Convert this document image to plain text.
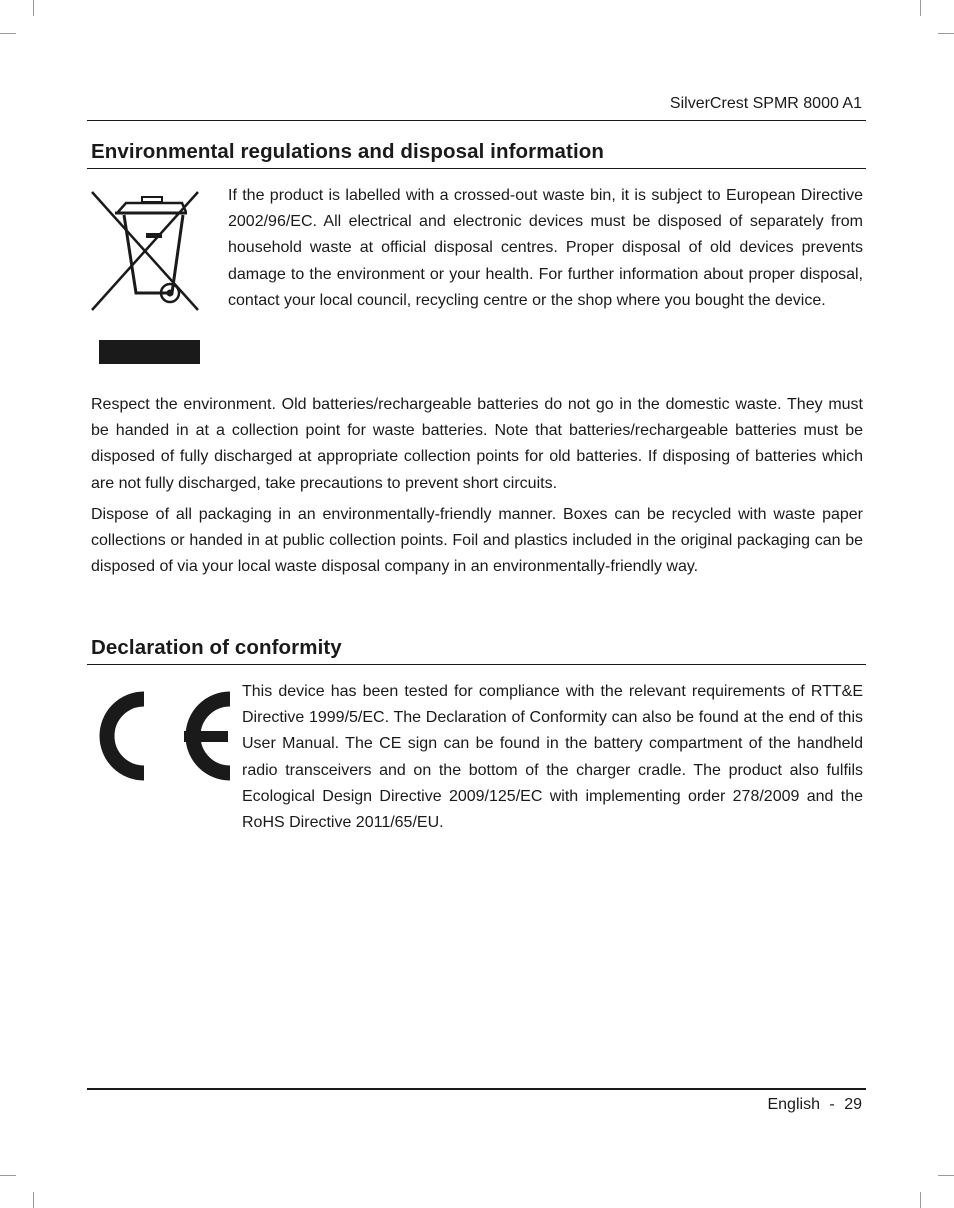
SilverCrest SPMR 8000 A1
Environmental regulations and disposal information

If the product is labelled with a crossed-out waste bin, it is subject to European Directive 2002/96/EC. All electrical and electronic devices must be disposed of separately from household waste at official disposal centres. Proper disposal of old devices prevents damage to the environment or your health. For further information about proper disposal, contact your local council, recycling centre or the shop where you bought the device.

Respect the environment. Old batteries/rechargeable batteries do not go in the domestic waste. They must be handed in at a collection point for waste batteries. Note that batteries/rechargeable batteries must be disposed of fully discharged at appropriate collection points for old batteries. If disposing of batteries which are not fully discharged, take precautions to prevent short circuits.

Dispose of all packaging in an environmentally-friendly manner. Boxes can be recycled with waste paper collections or handed in at public collection points. Foil and plastics included in the original packaging can be disposed of via your local waste disposal company in an environmentally-friendly way.

Declaration of conformity

This device has been tested for compliance with the relevant requirements of RTT&E Directive 1999/5/EC. The Declaration of Conformity can also be found at the end of this User Manual. The CE sign can be found in the battery compartment of the handheld radio transceivers and on the bottom of the charger cradle. The product also fulfils Ecological Design Directive 2009/125/EC with implementing order 278/2009 and the RoHS Directive 2011/65/EU.

English - 29
